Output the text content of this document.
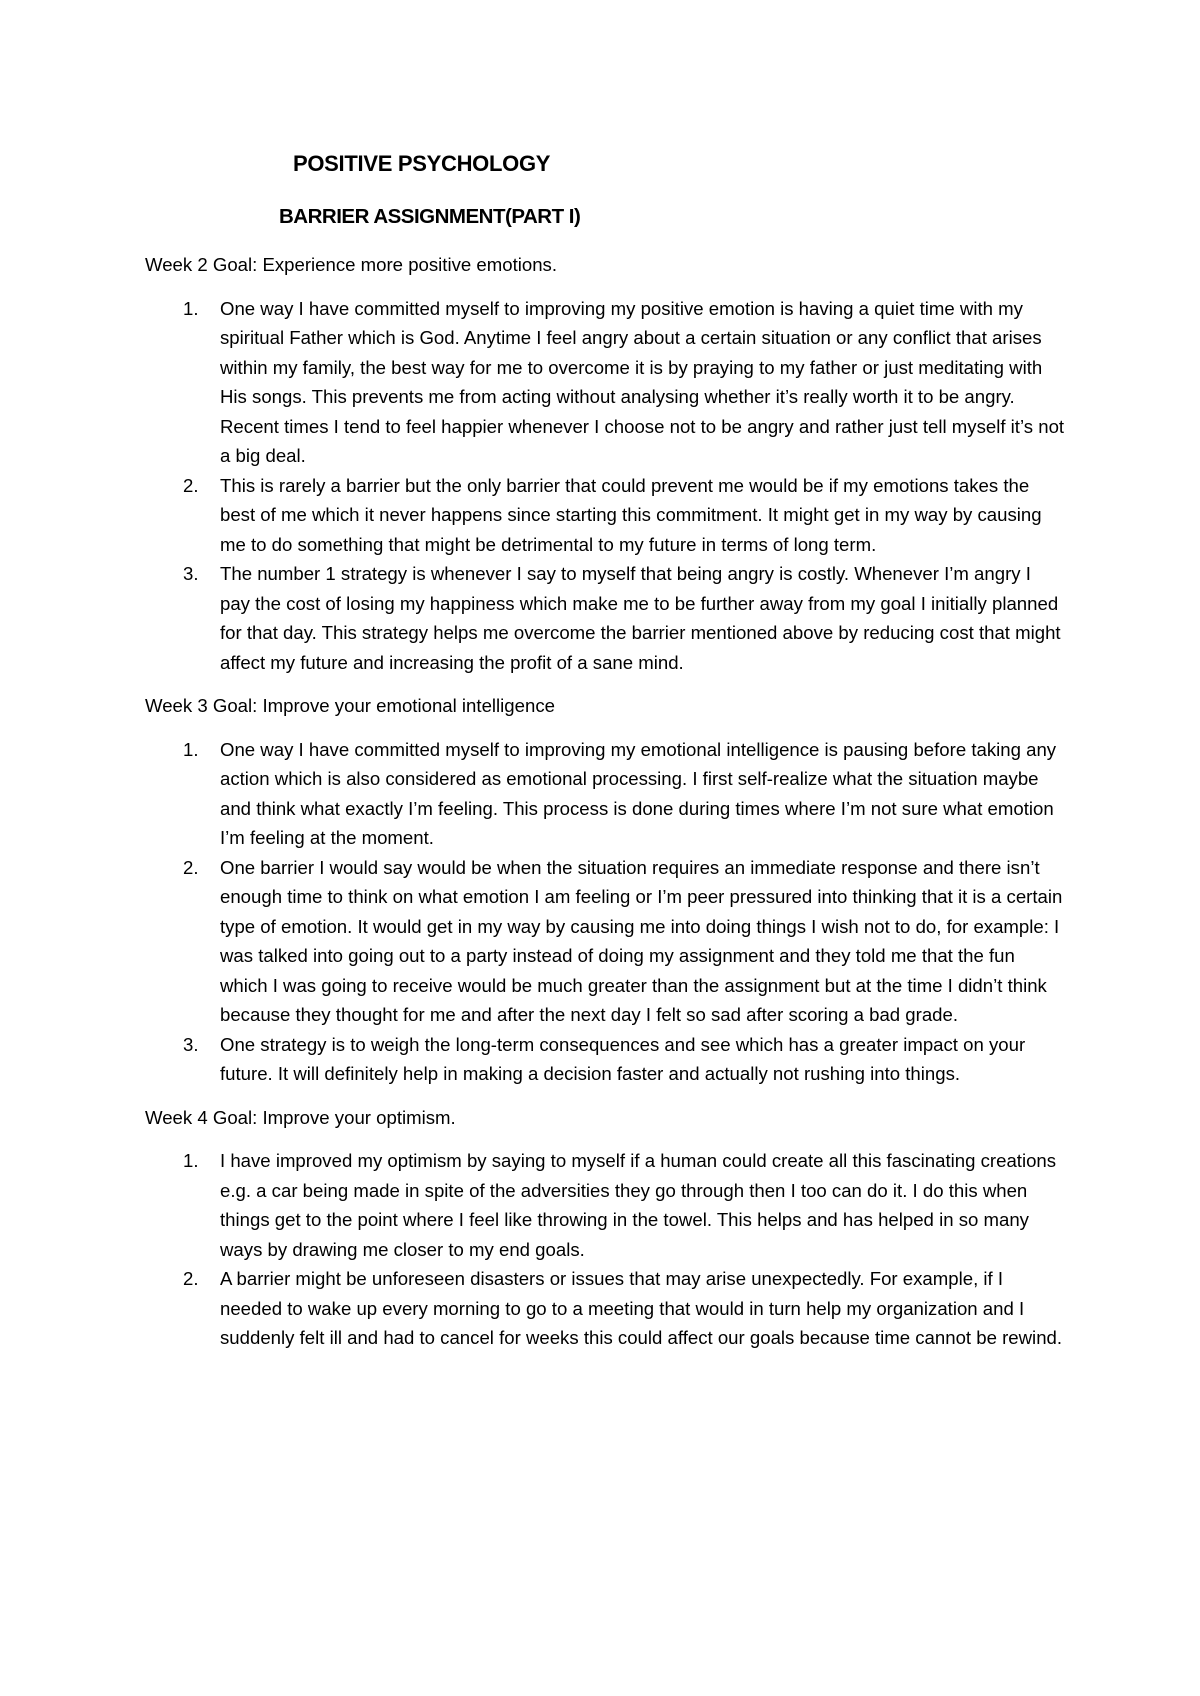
POSITIVE PSYCHOLOGY
BARRIER ASSIGNMENT(PART I)

Week 2 Goal: Experience more positive emotions.

1. One way I have committed myself to improving my positive emotion is having a quiet time with my spiritual Father which is God. Anytime I feel angry about a certain situation or any conflict that arises within my family, the best way for me to overcome it is by praying to my father or just meditating with His songs. This prevents me from acting without analysing whether it’s really worth it to be angry. Recent times I tend to feel happier whenever I choose not to be angry and rather just tell myself it’s not a big deal.
2. This is rarely a barrier but the only barrier that could prevent me would be if my emotions takes the best of me which it never happens since starting this commitment. It might get in my way by causing me to do something that might be detrimental to my future in terms of long term.
3. The number 1 strategy is whenever I say to myself that being angry is costly. Whenever I’m angry I pay the cost of losing my happiness which make me to be further away from my goal I initially planned for that day. This strategy helps me overcome the barrier mentioned above by reducing cost that might affect my future and increasing the profit of a sane mind.

Week 3 Goal: Improve your emotional intelligence

1. One way I have committed myself to improving my emotional intelligence is pausing before taking any action which is also considered as emotional processing. I first self-realize what the situation maybe and think what exactly I’m feeling. This process is done during times where I’m not sure what emotion I’m feeling at the moment.
2. One barrier I would say would be when the situation requires an immediate response and there isn’t enough time to think on what emotion I am feeling or I’m peer pressured into thinking that it is a certain type of emotion. It would get in my way by causing me into doing things I wish not to do, for example: I was talked into going out to a party instead of doing my assignment and they told me that the fun which I was going to receive would be much greater than the assignment but at the time I didn’t think because they thought for me and after the next day I felt so sad after scoring a bad grade.
3. One strategy is to weigh the long-term consequences and see which has a greater impact on your future. It will definitely help in making a decision faster and actually not rushing into things.

Week 4 Goal: Improve your optimism.

1. I have improved my optimism by saying to myself if a human could create all this fascinating creations e.g. a car being made in spite of the adversities they go through then I too can do it. I do this when things get to the point where I feel like throwing in the towel. This helps and has helped in so many ways by drawing me closer to my end goals.
2. A barrier might be unforeseen disasters or issues that may arise unexpectedly. For example, if I needed to wake up every morning to go to a meeting that would in turn help my organization and I suddenly felt ill and had to cancel for weeks this could affect our goals because time cannot be rewind.
